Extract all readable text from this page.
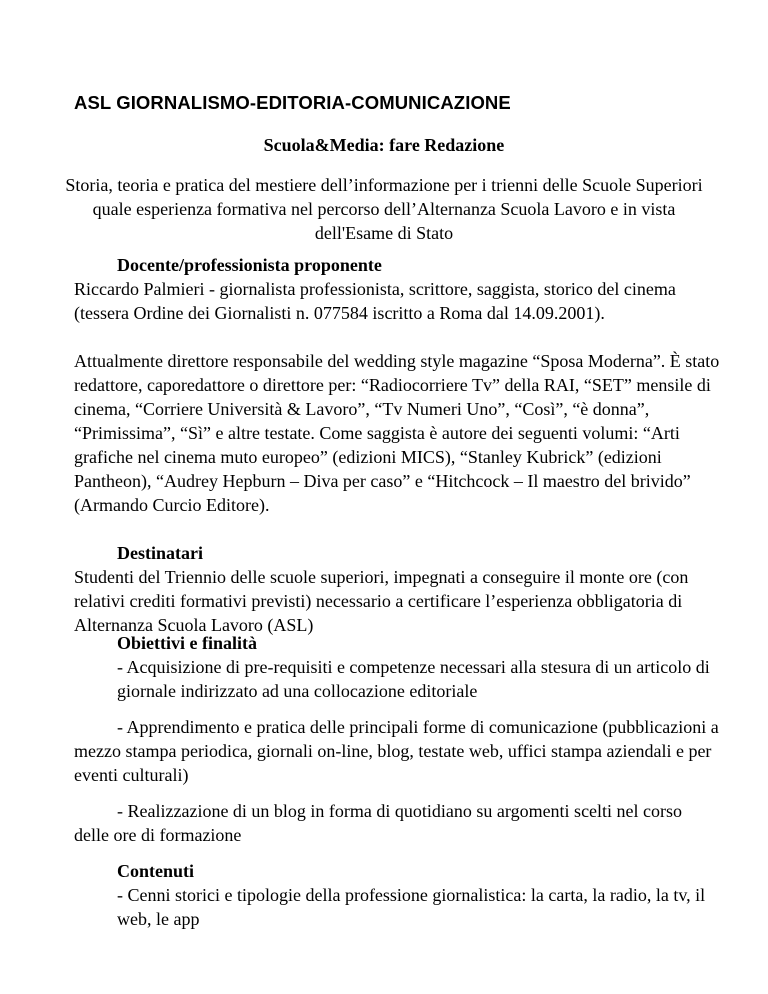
ASL GIORNALISMO-EDITORIA-COMUNICAZIONE

Scuola&Media: fare Redazione

Storia, teoria e pratica del mestiere dell’informazione per i trienni delle Scuole Superiori quale esperienza formativa nel percorso dell’Alternanza Scuola Lavoro e in vista dell'Esame di Stato

Docente/professionista proponente

Riccardo Palmieri - giornalista professionista, scrittore, saggista, storico del cinema (tessera Ordine dei Giornalisti n. 077584 iscritto a Roma dal 14.09.2001).

Attualmente direttore responsabile del wedding style magazine “Sposa Moderna”. È stato redattore, caporedattore o direttore per: “Radiocorriere Tv” della RAI, “SET” mensile di cinema, “Corriere Università & Lavoro”, “Tv Numeri Uno”, “Così”, “è donna”, “Primissima”, “Sì” e altre testate. Come saggista è autore dei seguenti volumi: “Arti grafiche nel cinema muto europeo” (edizioni MICS), “Stanley Kubrick” (edizioni Pantheon), “Audrey Hepburn – Diva per caso” e “Hitchcock – Il maestro del brivido” (Armando Curcio Editore).

Destinatari

Studenti del Triennio delle scuole superiori, impegnati a conseguire il monte ore (con relativi crediti formativi previsti) necessario a certificare l’esperienza obbligatoria di Alternanza Scuola Lavoro (ASL)

Obiettivi e finalità

- Acquisizione di pre-requisiti e competenze necessari alla stesura di un articolo di giornale indirizzato ad una collocazione editoriale

- Apprendimento e pratica delle principali forme di comunicazione (pubblicazioni a mezzo stampa periodica, giornali on-line, blog, testate web, uffici stampa aziendali e per eventi culturali)

- Realizzazione di un blog in forma di quotidiano su argomenti scelti nel corso delle ore di formazione

Contenuti

- Cenni storici e tipologie della professione giornalistica: la carta, la radio, la tv, il web, le app
